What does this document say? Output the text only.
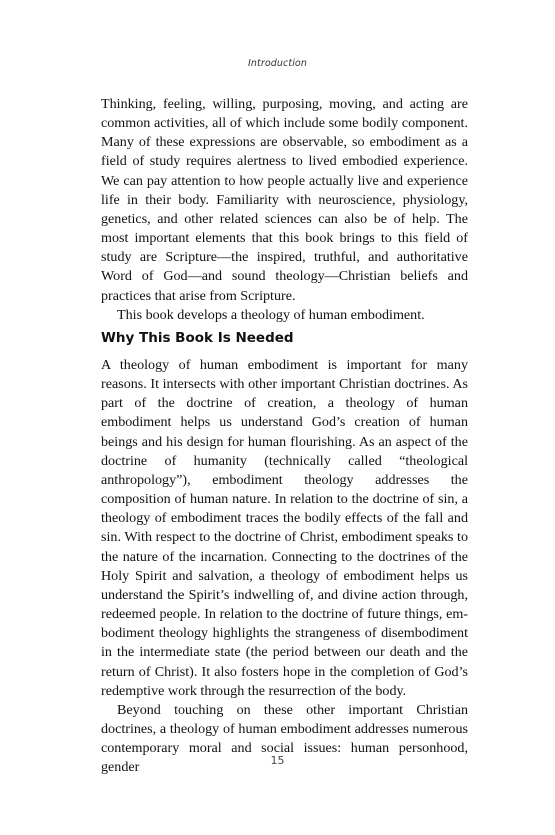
Introduction

Thinking, feeling, willing, purposing, moving, and acting are common activities, all of which include some bodily component. Many of these expressions are observable, so embodiment as a field of study requires alertness to lived embodied experience. We can pay attention to how people actually live and experience life in their body. Familiarity with neuroscience, physiology, genetics, and other related sciences can also be of help. The most important elements that this book brings to this field of study are Scripture—the inspired, truthful, and authoritative Word of God—and sound theology—Christian beliefs and practices that arise from Scripture.

This book develops a theology of human embodiment.

Why This Book Is Needed

A theology of human embodiment is important for many reasons. It intersects with other important Christian doctrines. As part of the doctrine of creation, a theology of human embodiment helps us understand God’s creation of human beings and his design for human flourishing. As an aspect of the doctrine of humanity (technically called “theological anthropology”), embodiment theology addresses the composition of human nature. In relation to the doctrine of sin, a theology of embodiment traces the bodily effects of the fall and sin. With respect to the doctrine of Christ, embodiment speaks to the nature of the incarnation. Connecting to the doctrines of the Holy Spirit and salvation, a theology of embodiment helps us understand the Spirit’s indwelling of, and divine action through, redeemed people. In relation to the doctrine of future things, embodiment theology highlights the strangeness of disembodiment in the intermediate state (the period between our death and the return of Christ). It also fosters hope in the completion of God’s redemptive work through the resurrection of the body.

Beyond touching on these other important Christian doctrines, a theology of human embodiment addresses numerous contemporary moral and social issues: human personhood, gender	15
